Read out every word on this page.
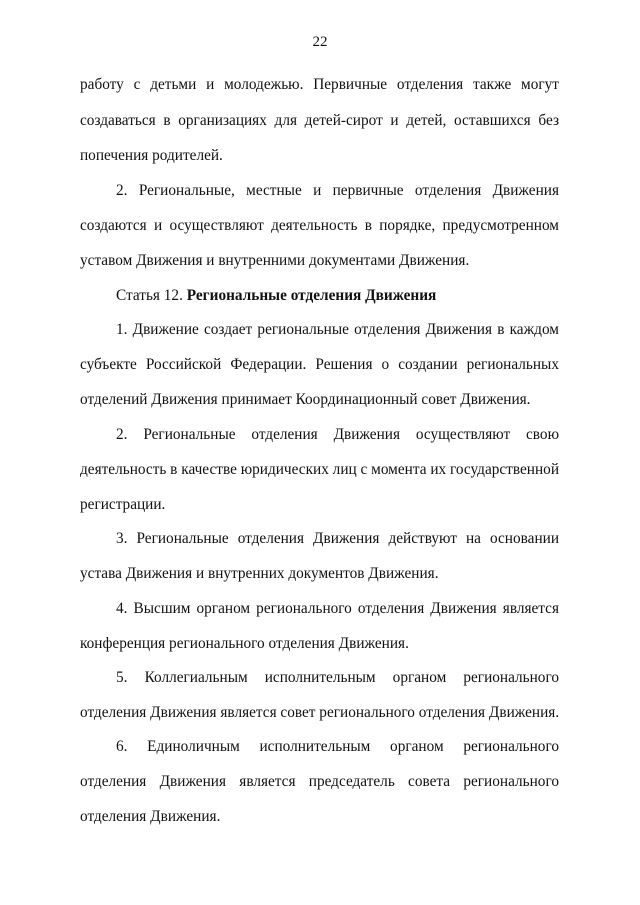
22
работу с детьми и молодежью. Первичные отделения также могут
создаваться в организациях для детей-сирот и детей, оставшихся без
попечения родителей.
2. Региональные, местные и первичные отделения Движения
создаются и осуществляют деятельность в порядке, предусмотренном
уставом Движения и внутренними документами Движения.
Статья 12. Региональные отделения Движения
1. Движение создает региональные отделения Движения в каждом
субъекте Российской Федерации. Решения о создании региональных
отделений Движения принимает Координационный совет Движения.
2. Региональные отделения Движения осуществляют свою
деятельность в качестве юридических лиц с момента их государственной
регистрации.
3. Региональные отделения Движения действуют на основании
устава Движения и внутренних документов Движения.
4. Высшим органом регионального отделения Движения является
конференция регионального отделения Движения.
5. Коллегиальным исполнительным органом регионального
отделения Движения является совет регионального отделения Движения.
6. Единоличным исполнительным органом регионального
отделения Движения является председатель совета регионального
отделения Движения.
